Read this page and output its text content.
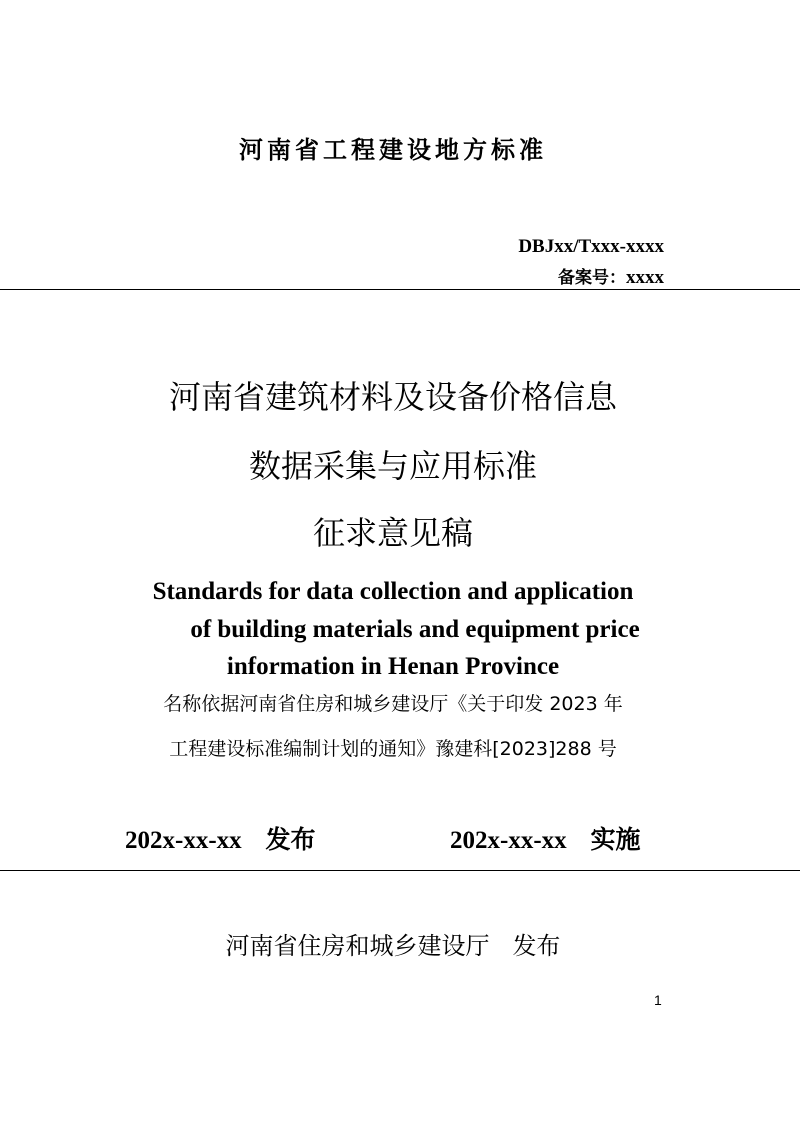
河南省工程建设地方标准
DBJxx/Txxx-xxxx
备案号：xxxx
河南省建筑材料及设备价格信息
数据采集与应用标准
征求意见稿
Standards for data collection and application
of building materials and equipment price
information in Henan Province
名称依据河南省住房和城乡建设厅《关于印发 2023 年
工程建设标准编制计划的通知》豫建科[2023]288 号
202x-xx-xx 发布	202x-xx-xx 实施
河南省住房和城乡建设厅 发布
1
